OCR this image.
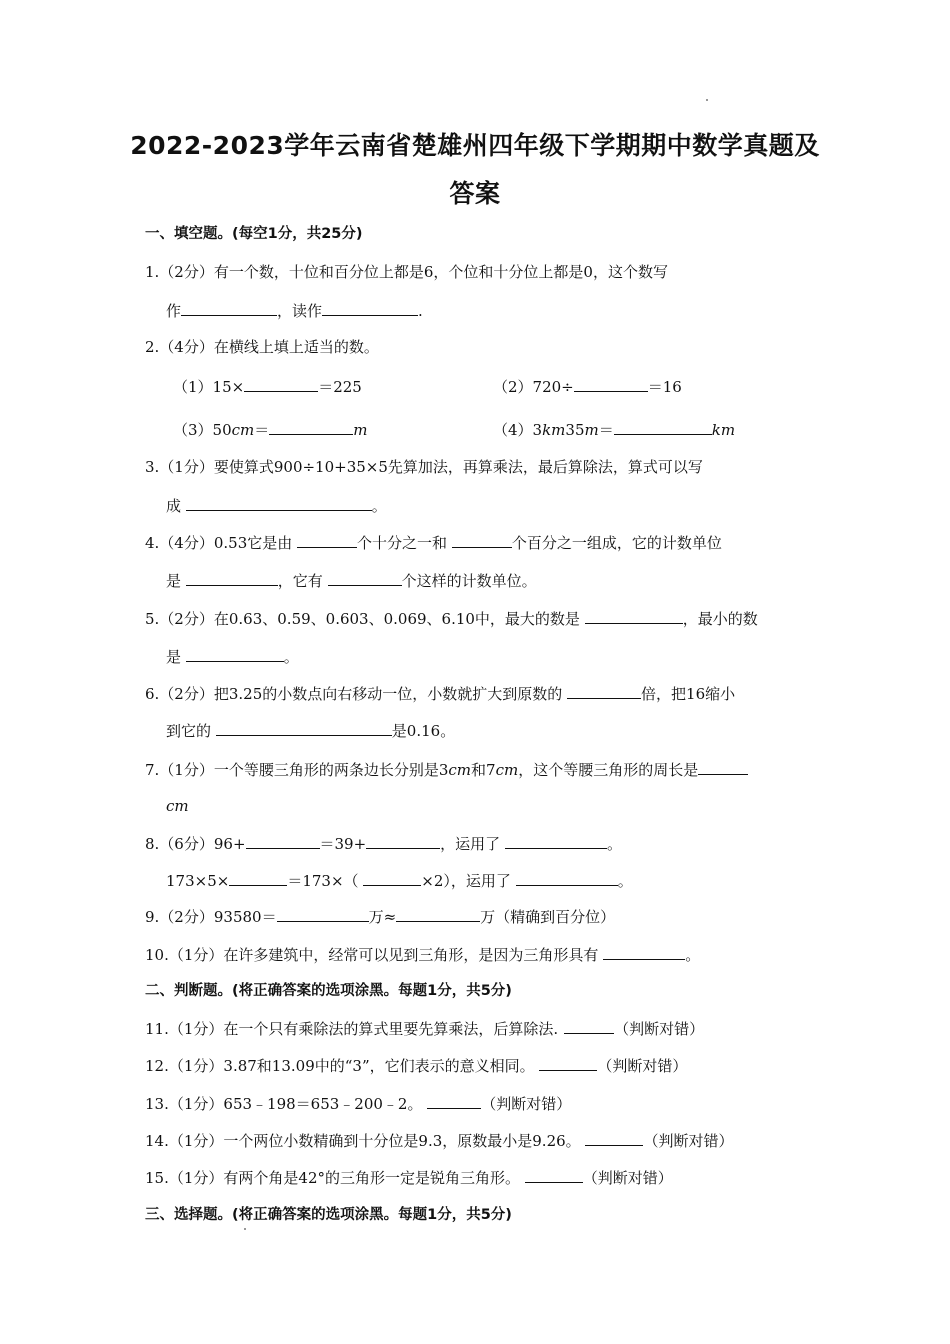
2022-2023学年云南省楚雄州四年级下学期期中数学真题及
答案
一、填空题。(每空1分，共25分)
1.（2分）有一个数，十位和百分位上都是6，个位和十分位上都是0，这个数写
作	，读作	.
2.（4分）在横线上填上适当的数。
（1）15×	＝225	（2）720÷	＝16
（3）50cm＝	m	（4）3km35m＝	km
3.（1分）要使算式900÷10+35×5先算加法，再算乘法，最后算除法，算式可以写
成	。
4.（4分）0.53它是由	个十分之一和	个百分之一组成，它的计数单位
是	，它有	个这样的计数单位。
5.（2分）在0.63、0.59、0.603、0.069、6.10中，最大的数是	，最小的数
是	。
6.（2分）把3.25的小数点向右移动一位，小数就扩大到原数的	倍，把16缩小
到它的	是0.16。
7.（1分）一个等腰三角形的两条边长分别是3cm和7cm，这个等腰三角形的周长是
cm
8.（6分）96+	＝39+	，运用了	。
173×5×	＝173×（	×2），运用了	。
9.（2分）93580＝	万≈	万（精确到百分位）
10.（1分）在许多建筑中，经常可以见到三角形，是因为三角形具有	。
二、判断题。(将正确答案的选项涂黑。每题1分，共5分)
11.（1分）在一个只有乘除法的算式里要先算乘法，后算除法.	（判断对错）
12.（1分）3.87和13.09中的“3”，它们表示的意义相同。	（判断对错）
13.（1分）653﹣198＝653﹣200﹣2。	（判断对错）
14.（1分）一个两位小数精确到十分位是9.3，原数最小是9.26。	（判断对错）
15.（1分）有两个角是42°的三角形一定是锐角三角形。	（判断对错）
三、选择题。(将正确答案的选项涂黑。每题1分，共5分)
